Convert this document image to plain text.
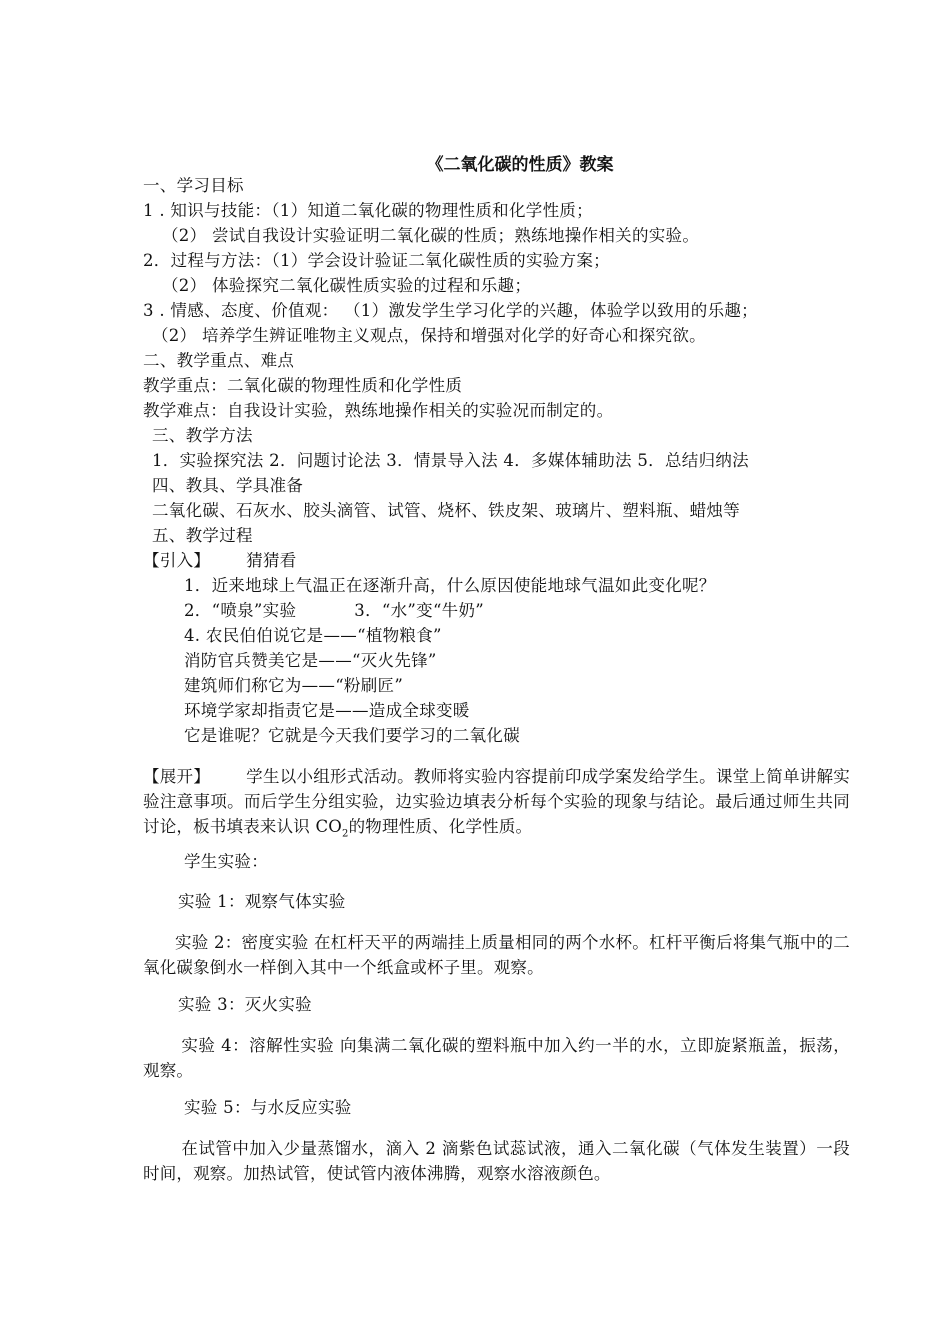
《二氧化碳的性质》教案
一、学习目标
1 . 知识与技能：（1）知道二氧化碳的物理性质和化学性质；
（2） 尝试自我设计实验证明二氧化碳的性质；熟练地操作相关的实验。
2．过程与方法：（1）学会设计验证二氧化碳性质的实验方案；
（2） 体验探究二氧化碳性质实验的过程和乐趣；
3 . 情感、态度、价值观： （1）激发学生学习化学的兴趣，体验学以致用的乐趣；
（2） 培养学生辨证唯物主义观点，保持和增强对化学的好奇心和探究欲。
二、教学重点、难点
教学重点：二氧化碳的物理性质和化学性质
教学难点：自我设计实验，熟练地操作相关的实验况而制定的。
三、教学方法
1．实验探究法 2．问题讨论法 3．情景导入法 4．多媒体辅助法 5．总结归纳法
四、教具、学具准备
二氧化碳、石灰水、胶头滴管、试管、烧杯、铁皮架、玻璃片、塑料瓶、蜡烛等
五、教学过程
【引入】 猜猜看
1．近来地球上气温正在逐渐升高，什么原因使能地球气温如此变化呢？
2．“喷泉”实验	3．“水”变“牛奶”
4. 农民伯伯说它是——“植物粮食”
消防官兵赞美它是——“灭火先锋”
建筑师们称它为——“粉刷匠”
环境学家却指责它是——造成全球变暖
它是谁呢？它就是今天我们要学习的二氧化碳
【展开】 学生以小组形式活动。教师将实验内容提前印成学案发给学生。课堂上简单讲解实验注意事项。而后学生分组实验，边实验边填表分析每个实验的现象与结论。最后通过师生共同讨论，板书填表来认识 $CO_2$的物理性质、化学性质。
学生实验：
实验 1：观察气体实验
实验 2：密度实验 在杠杆天平的两端挂上质量相同的两个水杯。杠杆平衡后将集气瓶中的二氧化碳象倒水一样倒入其中一个纸盒或杯子里。观察。
实验 3：灭火实验
实验 4：溶解性实验 向集满二氧化碳的塑料瓶中加入约一半的水，立即旋紧瓶盖，振荡，观察。
实验 5：与水反应实验
在试管中加入少量蒸馏水，滴入 2 滴紫色试蕊试液，通入二氧化碳（气体发生装置）一段时间，观察。加热试管，使试管内液体沸腾，观察水溶液颜色。
